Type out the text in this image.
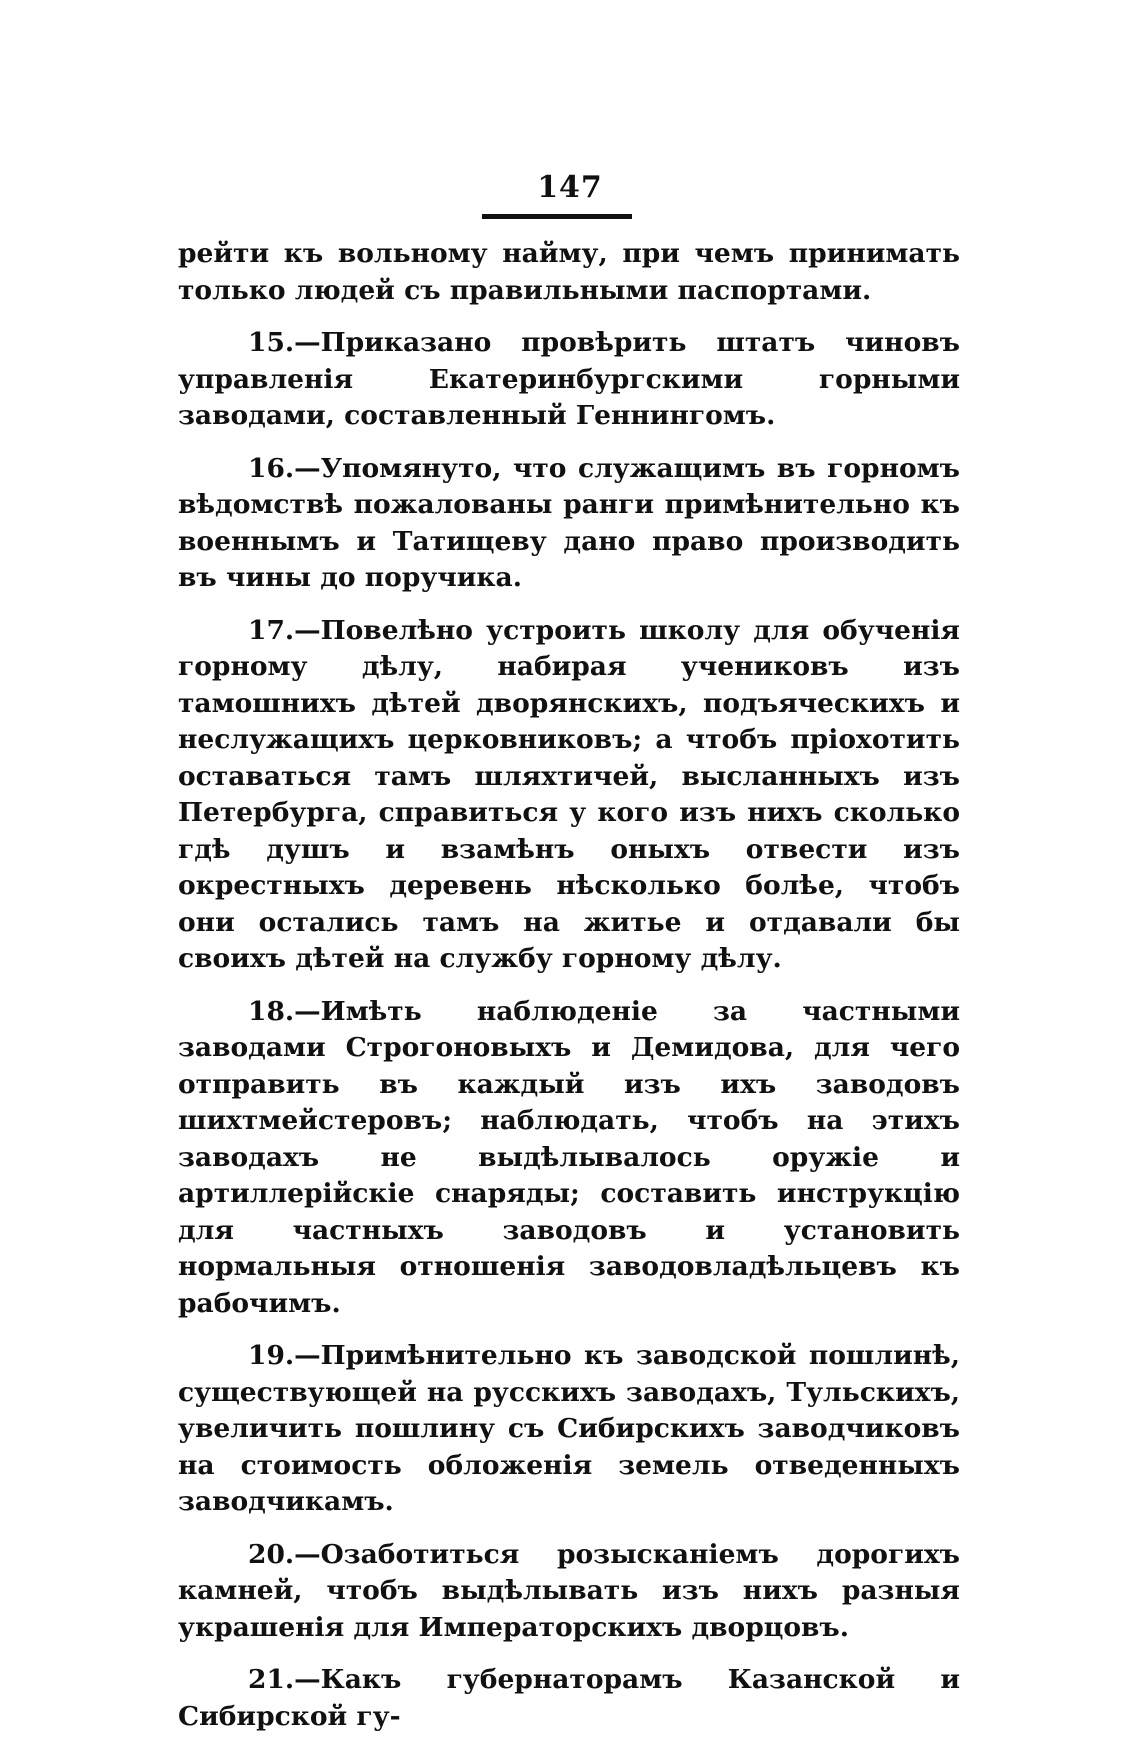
147

рейти къ вольному найму, при чемъ принимать только людей съ правильными паспортами.

15.—Приказано провѣрить штатъ чиновъ управленія Екатеринбургскими горными заводами, составленный Геннингомъ.

16.—Упомянуто, что служащимъ въ горномъ вѣдомствѣ пожалованы ранги примѣнительно къ военнымъ и Татищеву дано право производить въ чины до поручика.

17.—Повелѣно устроить школу для обученія горному дѣлу, набирая учениковъ изъ тамошнихъ дѣтей дворянскихъ, подъяческихъ и неслужащихъ церковниковъ; а чтобъ пріохотить оставаться тамъ шляхтичей, высланныхъ изъ Петербурга, справиться у кого изъ нихъ сколько гдѣ душъ и взамѣнъ оныхъ отвести изъ окрестныхъ деревень нѣсколько болѣе, чтобъ они остались тамъ на житье и отдавали бы своихъ дѣтей на службу горному дѣлу.

18.—Имѣть наблюденіе за частными заводами Строгоновыхъ и Демидова, для чего отправить въ каждый изъ ихъ заводовъ шихтмейстеровъ; наблюдать, чтобъ на этихъ заводахъ не выдѣлывалось оружіе и артиллерійскіе снаряды; составить инструкцію для частныхъ заводовъ и установить нормальныя отношенія заводовладѣльцевъ къ рабочимъ.

19.—Примѣнительно къ заводской пошлинѣ, существующей на русскихъ заводахъ, Тульскихъ, увеличить пошлину съ Сибирскихъ заводчиковъ на стоимость обложенія земель отведенныхъ заводчикамъ.

20.—Озаботиться розысканіемъ дорогихъ камней, чтобъ выдѣлывать изъ нихъ разныя украшенія для Императорскихъ дворцовъ.

21.—Какъ губернаторамъ Казанской и Сибирской гу-
